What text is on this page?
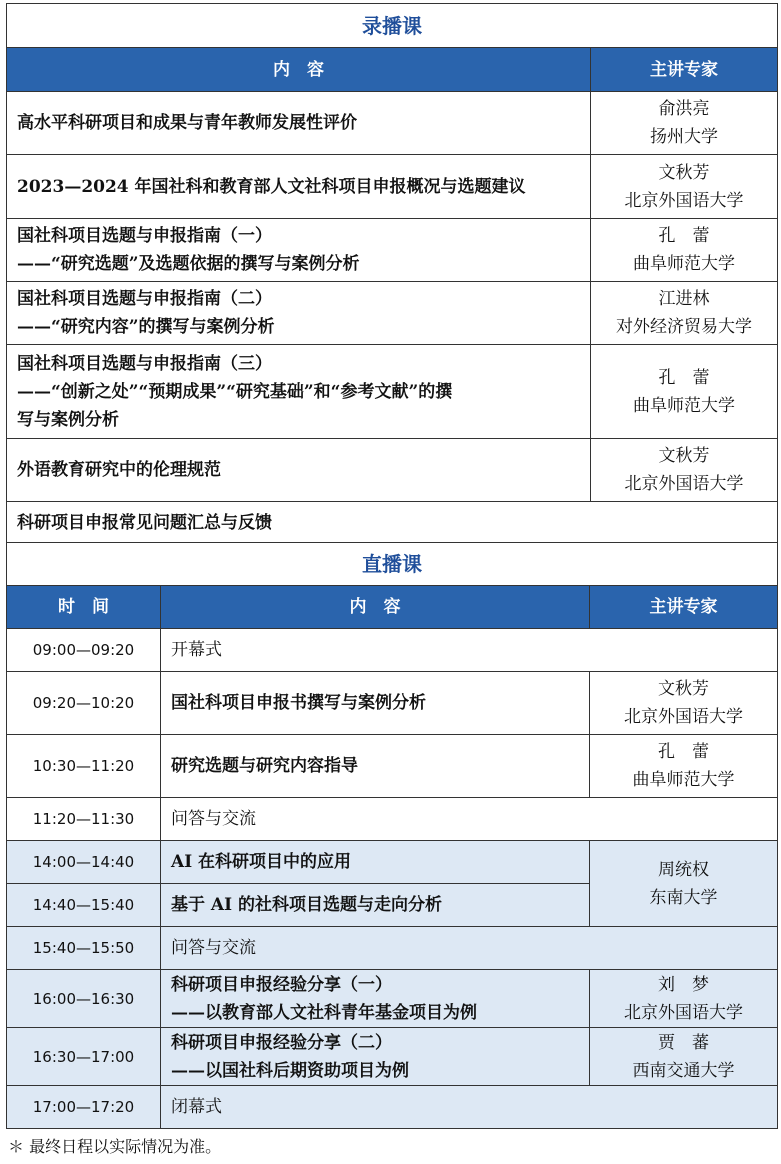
录播课	
内　容	主讲专家

高水平科研项目和成果与青年教师发展性评价	俞洪亮
扬州大学

2023—2024 年国社科和教育部人文社科项目申报概况与选题建议	文秋芳
北京外国语大学

国社科项目选题与申报指南（一）
——“研究选题”及选题依据的撰写与案例分析	孔　蕾
曲阜师范大学

国社科项目选题与申报指南（二）
——“研究内容”的撰写与案例分析	江进林
对外经济贸易大学

国社科项目选题与申报指南（三）
——“创新之处”“预期成果”“研究基础”和“参考文献”的撰
写与案例分析	孔　蕾
曲阜师范大学

外语教育研究中的伦理规范	文秋芳
北京外国语大学

科研项目申报常见问题汇总与反馈	
直播课		
时　间	内　容	主讲专家
09:00—09:20	开幕式	
09:20—10:20	国社科项目申报书撰写与案例分析	文秋芳
北京外国语大学

10:30—11:20	研究选题与研究内容指导	孔　蕾
曲阜师范大学

11:20—11:30	问答与交流	
14:00—14:40	AI 在科研项目中的应用	周统权
东南大学

14:40—15:40	基于 AI 的社科项目选题与走向分析	

15:40—15:50	问答与交流	
16:00—16:30	科研项目申报经验分享（一）
——以教育部人文社科青年基金项目为例	刘　梦
北京外国语大学

16:30—17:00	科研项目申报经验分享（二）
——以国社科后期资助项目为例	贾　蕃
西南交通大学

17:00—17:20	闭幕式	
＊ 最终日程以实际情况为准。
